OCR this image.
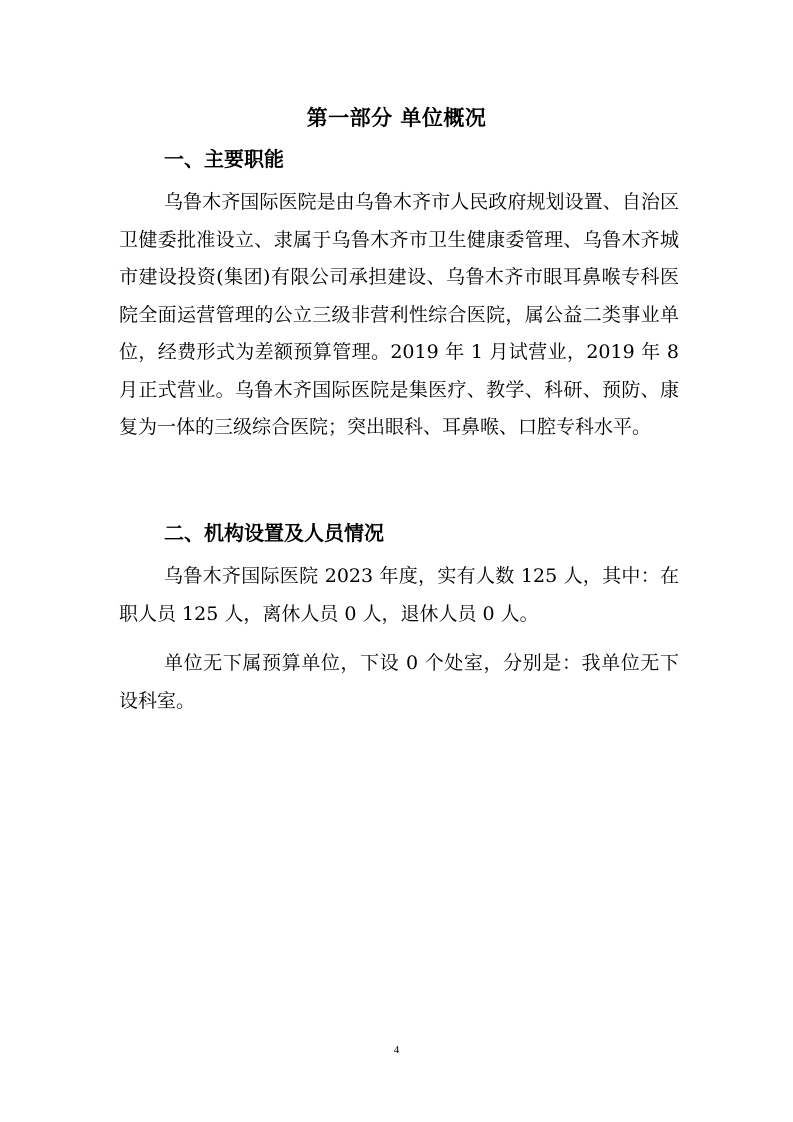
第一部分 单位概况
一、主要职能

乌鲁木齐国际医院是由乌鲁木齐市人民政府规划设置、自治区卫健委批准设立、隶属于乌鲁木齐市卫生健康委管理、乌鲁木齐城市建设投资(集团)有限公司承担建设、乌鲁木齐市眼耳鼻喉专科医院全面运营管理的公立三级非营利性综合医院，属公益二类事业单位，经费形式为差额预算管理。2019 年 1 月试营业，2019 年 8 月正式营业。乌鲁木齐国际医院是集医疗、教学、科研、预防、康复为一体的三级综合医院；突出眼科、耳鼻喉、口腔专科水平。

二、机构设置及人员情况

乌鲁木齐国际医院 2023 年度，实有人数 125 人，其中：在职人员 125 人，离休人员 0 人，退休人员 0 人。

单位无下属预算单位，下设 0 个处室，分别是：我单位无下设科室。

4
